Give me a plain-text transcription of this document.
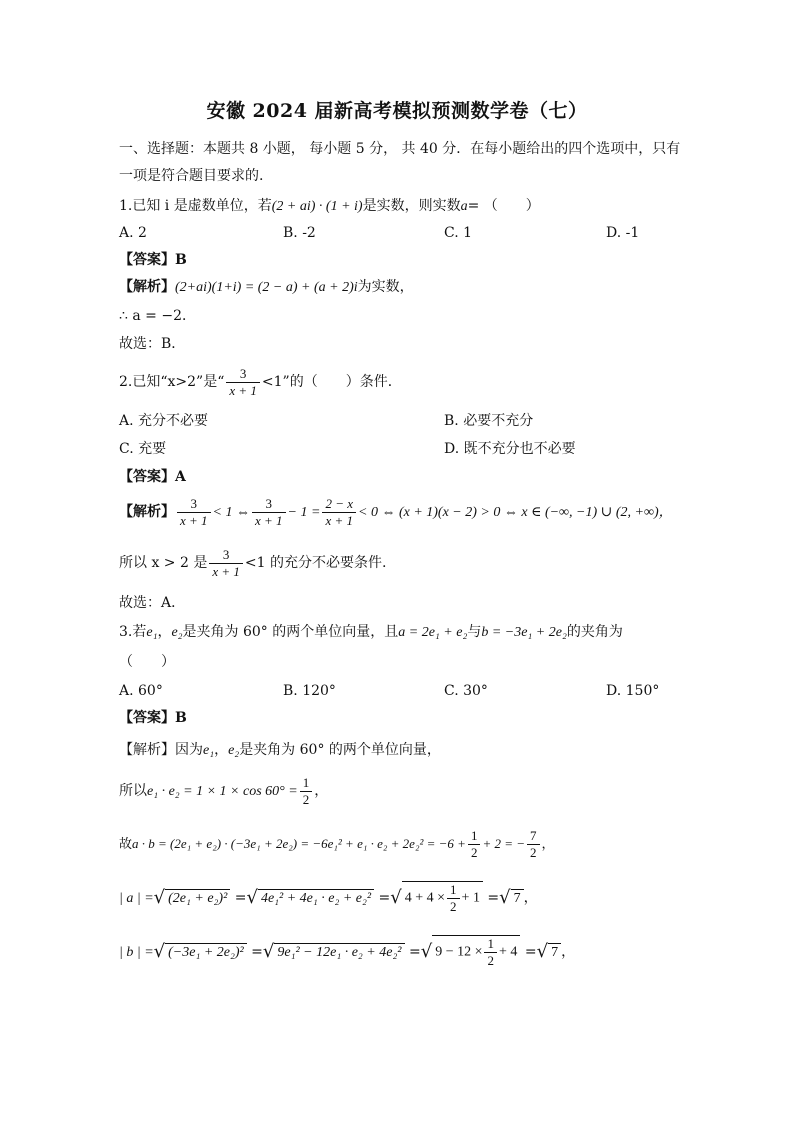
安徽 2024 届新高考模拟预测数学卷（七）
一、选择题：本题共 8 小题， 每小题 5 分， 共 40 分．在每小题给出的四个选项中，只有
一项是符合题目要求的.
1.已知 i 是虚数单位，若(2 + ai) · (1 + i)是实数，则实数a= （　　）
A. 2	B. -2	C. 1	D. -1
【答案】B
【解析】(2+ai)(1+i) = (2 − a) + (a + 2)i为实数，
∴ a = −2．
故选：B．
2.已知“x>2”是“ $\frac{3}{x + 1} <1$”的（　　）条件．
A. 充分不必要	B. 必要不充分
C. 充要	D. 既不充分也不必要
【答案】A
【解析】 $\frac{3}{x + 1} < 1$ ⇔ $\frac{3}{x + 1} - 1 = \frac{2 - x}{x + 1} < 0$ ⇔ (x + 1)(x − 2) > 0 ⇔ x ∈ (−∞, −1) ∪ (2, +∞)，
所以 x > 2 是 $\frac{3}{x + 1} <1$ 的充分不必要条件.
故选：A．
3.若e₁，e₂是夹角为 60° 的两个单位向量，且a = 2e₁ + e₂与b = −3e₁ + 2e₂的夹角为
（　　）
A. 60°	B. 120°	C. 30°	D. 150°
【答案】B
【解析】因为e₁，e₂是夹角为 60° 的两个单位向量，
所以$e_1 \cdot e_2 = 1 \times 1 \times \cos 60^\circ = \frac{1}{2}$ ，
故$a \cdot b = (2e_1 + e_2) \cdot (-3e_1 + 2e_2) = -6e_1^2 + e_1 \cdot e_2 + 2e_2^2 = -6 + \frac{1}{2} + 2$ = − $\frac{7}{2}$ ，
| a | =√ (2e₁ + e₂)² =√ 4e₁² + 4e₁ · e₂ + e₂² =√ $4 + 4 \times \frac{1}{2} + 1$ =√ 7 ，
| b | =√ (−3e₁ + 2e₂)² =√ 9e₁² − 12e₁ · e₂ + 4e₂² =√ $9 - 12 \times \frac{1}{2} + 4$ =√ 7 ，
